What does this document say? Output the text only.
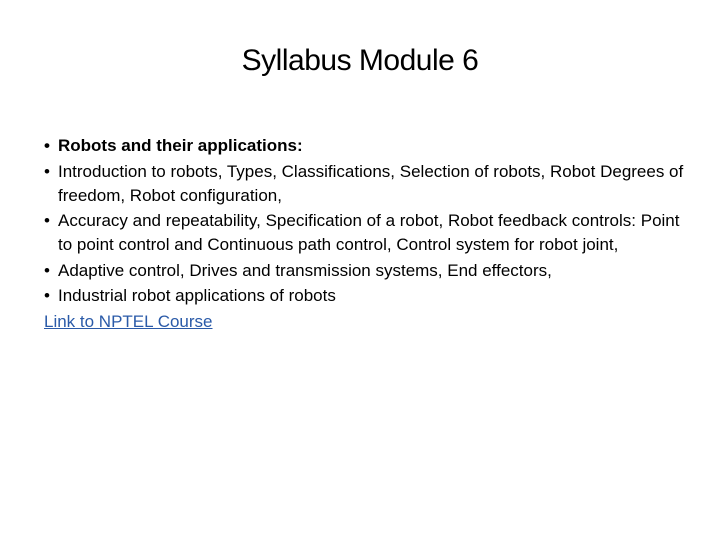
Syllabus Module 6
• Robots and their applications:
• Introduction to robots, Types, Classifications, Selection of robots, Robot Degrees of freedom, Robot configuration,
• Accuracy and repeatability, Specification of a robot, Robot feedback controls: Point to point control and Continuous path control, Control system for robot joint,
• Adaptive control, Drives and transmission systems, End effectors,
• Industrial robot applications of robots
Link to NPTEL Course
